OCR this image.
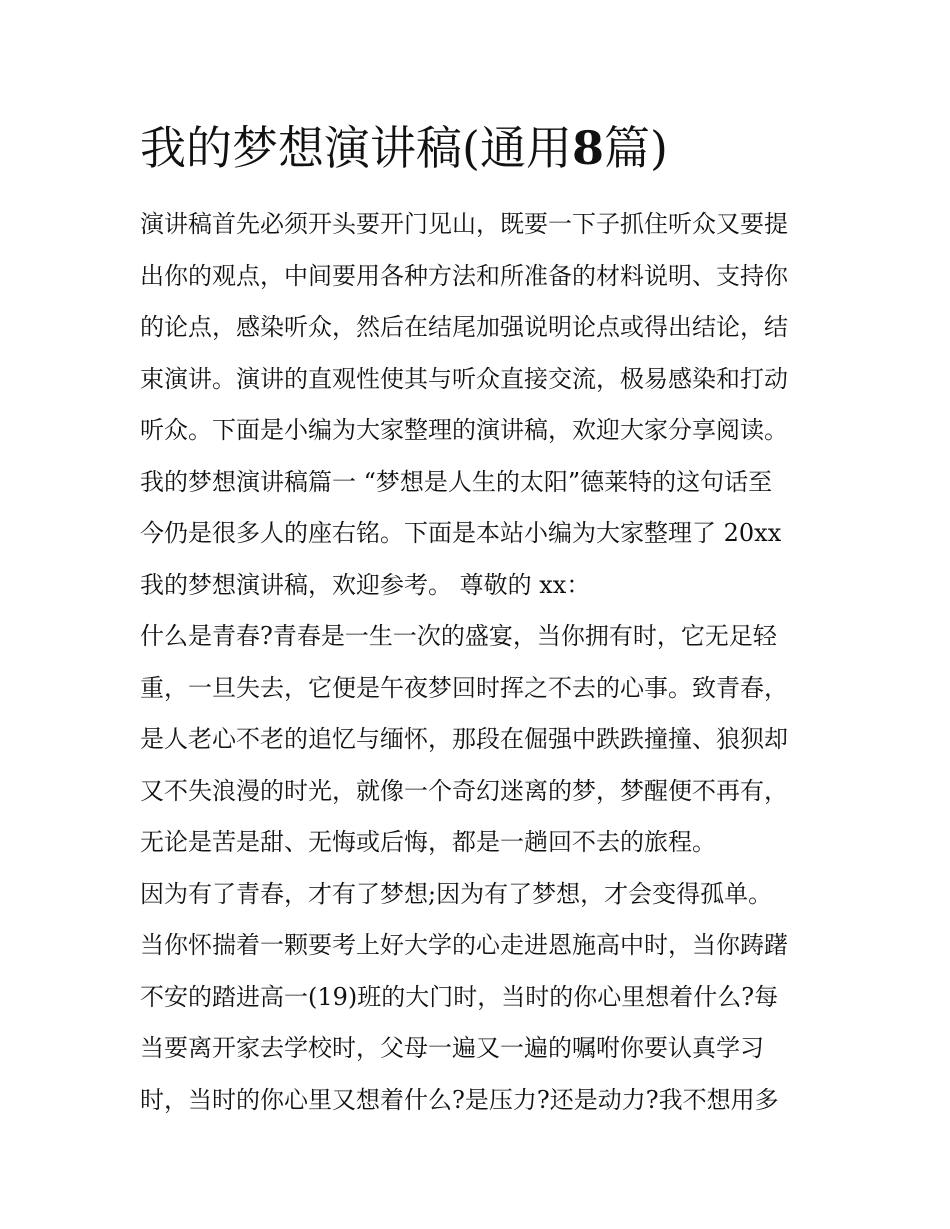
我的梦想演讲稿(通用8篇)
演讲稿首先必须开头要开门见山，既要一下子抓住听众又要提
出你的观点，中间要用各种方法和所准备的材料说明、支持你
的论点，感染听众，然后在结尾加强说明论点或得出结论，结
束演讲。演讲的直观性使其与听众直接交流，极易感染和打动
听众。下面是小编为大家整理的演讲稿，欢迎大家分享阅读。
我的梦想演讲稿篇一 “梦想是人生的太阳”德莱特的这句话至
今仍是很多人的座右铭。下面是本站小编为大家整理了 20xx
我的梦想演讲稿，欢迎参考。 尊敬的 xx：
什么是青春?青春是一生一次的盛宴，当你拥有时，它无足轻
重，一旦失去，它便是午夜梦回时挥之不去的心事。致青春，
是人老心不老的追忆与缅怀，那段在倔强中跌跌撞撞、狼狈却
又不失浪漫的时光，就像一个奇幻迷离的梦，梦醒便不再有，
无论是苦是甜、无悔或后悔，都是一趟回不去的旅程。
因为有了青春，才有了梦想;因为有了梦想，才会变得孤单。
当你怀揣着一颗要考上好大学的心走进恩施高中时，当你踌躇
不安的踏进高一(19)班的大门时，当时的你心里想着什么?每
当要离开家去学校时，父母一遍又一遍的嘱咐你要认真学习
时，当时的你心里又想着什么?是压力?还是动力?我不想用多
